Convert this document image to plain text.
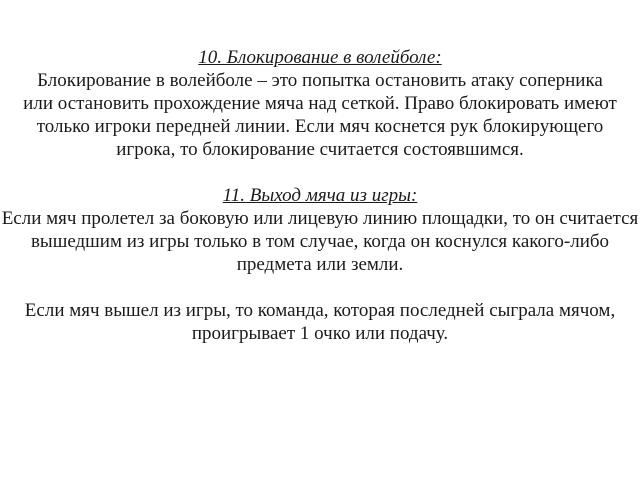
10. Блокирование в волейболе:
Блокирование в волейболе – это попытка остановить атаку соперника или остановить прохождение мяча над сеткой. Право блокировать имеют только игроки передней линии. Если мяч коснется рук блокирующего игрока, то блокирование считается состоявшимся.
11. Выход мяча из игры:
Если мяч пролетел за боковую или лицевую линию площадки, то он считается вышедшим из игры только в том случае, когда он коснулся какого-либо предмета или земли.
Если мяч вышел из игры, то команда, которая последней сыграла мячом, проигрывает 1 очко или подачу.
